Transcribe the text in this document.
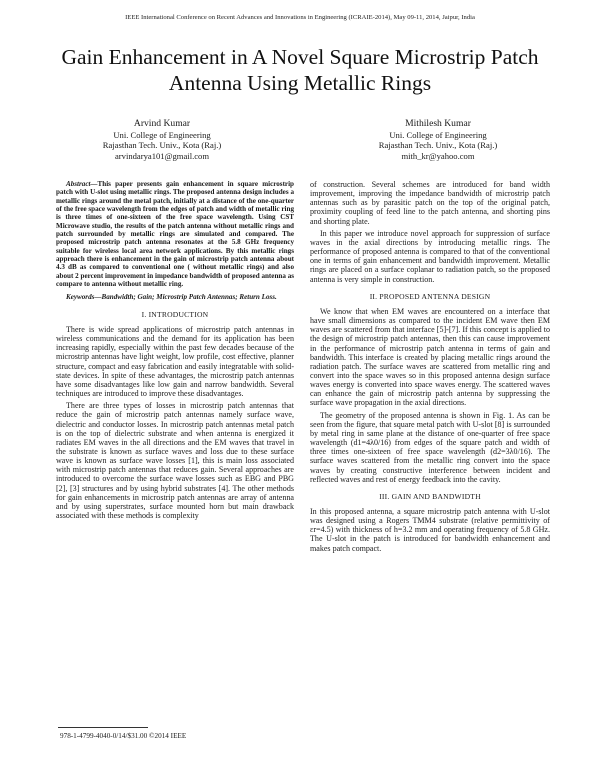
IEEE International Conference on Recent Advances and Innovations in Engineering (ICRAIE-2014), May 09-11, 2014, Jaipur, India
Gain Enhancement in A Novel Square Microstrip Patch Antenna Using Metallic Rings
Arvind Kumar
Uni. College of Engineering
Rajasthan Tech. Univ., Kota (Raj.)
arvindarya101@gmail.com
Mithilesh Kumar
Uni. College of Engineering
Rajasthan Tech. Univ., Kota (Raj.)
mith_kr@yahoo.com

Abstract—This paper presents gain enhancement in square microstrip patch with U-slot using metallic rings. The proposed antenna design includes a metallic rings around the metal patch, initially at a distance of the one-quarter of the free space wavelength from the edges of patch and width of metallic ring is three times of one-sixteen of the free space wavelength. Using CST Microwave studio, the results of the patch antenna without metallic rings and patch surrounded by metallic rings are simulated and compared. The proposed microstrip patch antenna resonates at the 5.8 GHz frequency suitable for wireless local area network applications. By this metallic rings approach there is enhancement in the gain of microstrip patch antenna about 4.3 dB as compared to conventional one ( without metallic rings) and also about 2 percent improvement in impedance bandwidth of proposed antenna as compare to antenna without metallic ring.

Keywords—Bandwidth; Gain; Microstrip Patch Antennas; Return Loss.

I. INTRODUCTION

There is wide spread applications of microstrip patch antennas in wireless communications and the demand for its application has been increasing rapidly, especially within the past few decades because of the microstrip antennas have light weight, low profile, cost effective, planner structure, compact and easy fabrication and easily integratable with solid-state devices. In spite of these advantages, the microstrip patch antennas have some disadvantages like low gain and narrow bandwidth. Several techniques are introduced to improve these disadvantages.

There are three types of losses in microstrip patch antennas that reduce the gain of microstrip patch antennas namely surface wave, dielectric and conductor losses. In microstrip patch antennas metal patch is on the top of dielectric substrate and when antenna is energized it radiates EM waves in the all directions and the EM waves that travel in the substrate is known as surface waves and loss due to these surface wave is known as surface wave losses [1], this is main loss associated with microstrip patch antennas that reduces gain. Several approaches are introduced to overcome the surface wave losses such as EBG and PBG [2], [3] structures and by using hybrid substrates [4]. The other methods for gain enhancements in microstrip patch antennas are array of antenna and by using superstrates, surface mounted horn but main drawback associated with these methods is complexity

978-1-4799-4040-0/14/$31.00 ©2014 IEEE

of construction. Several schemes are introduced for band width improvement, improving the impedance bandwidth of microstrip patch antennas such as by parasitic patch on the top of the original patch, proximity coupling of feed line to the patch antenna, and shorting pins and shorting plate.

In this paper we introduce novel approach for suppression of surface waves in the axial directions by introducing metallic rings. The performance of proposed antenna is compared to that of the conventional one in terms of gain enhancement and bandwidth improvement. Metallic rings are placed on a surface coplanar to radiation patch, so the proposed antenna is very simple in construction.

II. PROPOSED ANTENNA DESIGN

We know that when EM waves are encountered on a interface that have small dimensions as compared to the incident EM wave then EM waves are scattered from that interface [5]-[7]. If this concept is applied to the design of microstrip patch antennas, then this can cause improvement in the performance of microstrip patch antenna in terms of gain and bandwidth. This interface is created by placing metallic rings around the radiation patch. The surface waves are scattered from metallic ring and convert into the space waves so in this proposed antenna design surface waves energy is converted into space waves energy. The scattered waves can enhance the gain of microstrip patch antenna by suppressing the surface wave propagation in the axial directions.

The geometry of the proposed antenna is shown in Fig. 1. As can be seen from the figure, that square metal patch with U-slot [8] is surrounded by metal ring in same plane at the distance of one-quarter of free space wavelength (d1=4λ0/16) from edges of the square patch and width of three times one-sixteen of free space wavelength (d2=3λ0/16). The surface waves scattered from the metallic ring convert into the space waves by creating constructive interference between incident and reflected waves and rest of energy feedback into the cavity.

III. GAIN AND BANDWIDTH

In this proposed antenna, a square microstrip patch antenna with U-slot was designed using a Rogers TMM4 substrate (relative permittivity of εr=4.5) with thickness of h=3.2 mm and operating frequency of 5.8 GHz. The U-slot in the patch is introduced for bandwidth enhancement and makes patch compact.
